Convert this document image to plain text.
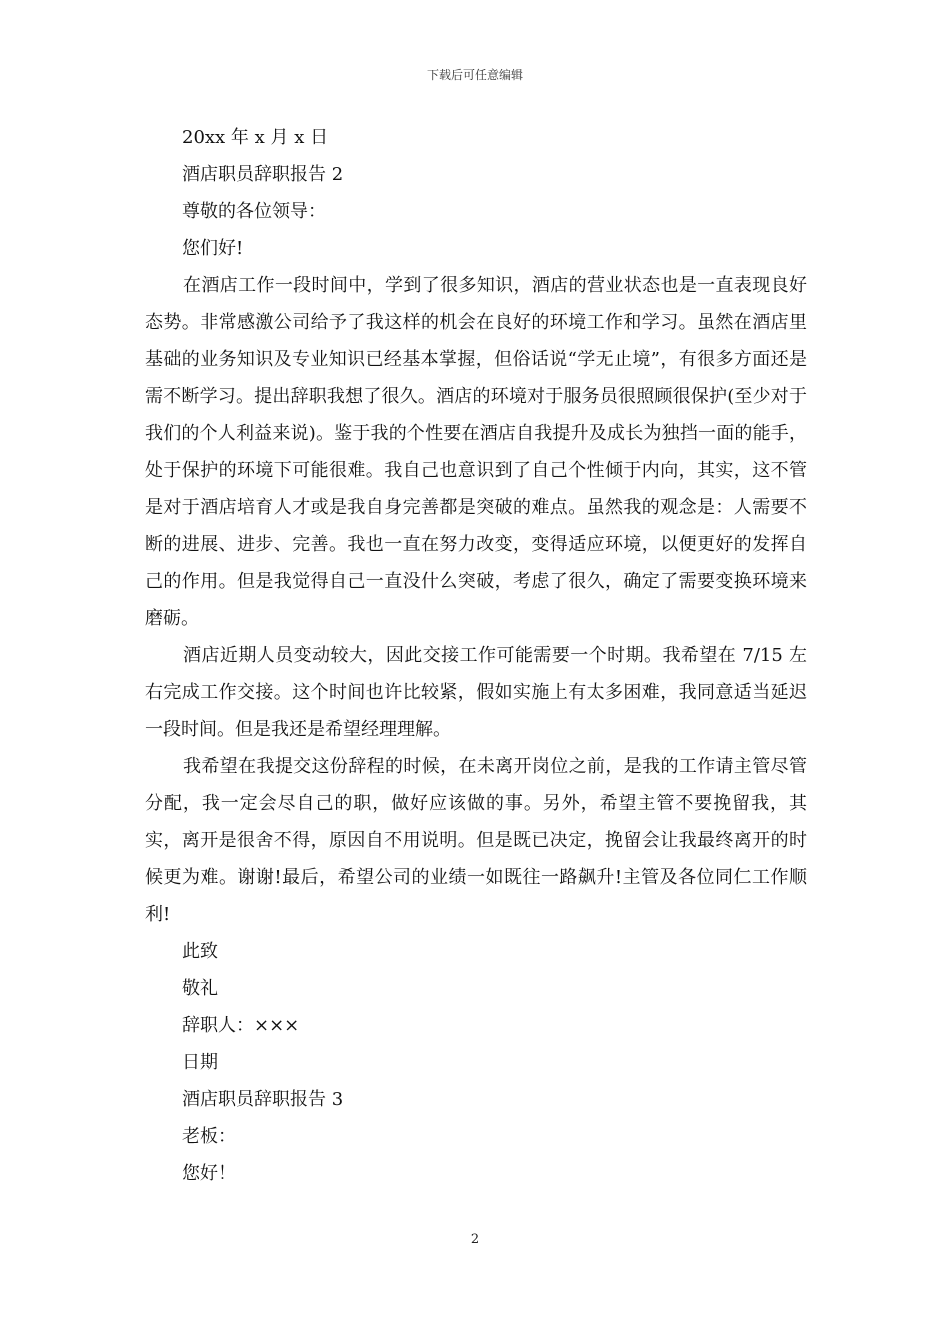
下载后可任意编辑
20xx 年 x 月 x 日
酒店职员辞职报告 2
尊敬的各位领导：
您们好!

在酒店工作一段时间中，学到了很多知识，酒店的营业状态也是一直表现良好态势。非常感激公司给予了我这样的机会在良好的环境工作和学习。虽然在酒店里基础的业务知识及专业知识已经基本掌握，但俗话说“学无止境”，有很多方面还是需不断学习。提出辞职我想了很久。酒店的环境对于服务员很照顾很保护(至少对于我们的个人利益来说)。鉴于我的个性要在酒店自我提升及成长为独挡一面的能手，处于保护的环境下可能很难。我自己也意识到了自己个性倾于内向，其实，这不管是对于酒店培育人才或是我自身完善都是突破的难点。虽然我的观念是：人需要不断的进展、进步、完善。我也一直在努力改变，变得适应环境，以便更好的发挥自己的作用。但是我觉得自己一直没什么突破，考虑了很久，确定了需要变换环境来磨砺。

酒店近期人员变动较大，因此交接工作可能需要一个时期。我希望在 7/15 左右完成工作交接。这个时间也许比较紧，假如实施上有太多困难，我同意适当延迟一段时间。但是我还是希望经理理解。

我希望在我提交这份辞程的时候，在未离开岗位之前，是我的工作请主管尽管分配，我一定会尽自己的职，做好应该做的事。另外，希望主管不要挽留我，其实，离开是很舍不得，原因自不用说明。但是既已决定，挽留会让我最终离开的时候更为难。谢谢!最后，希望公司的业绩一如既往一路飙升!主管及各位同仁工作顺利!

此致
敬礼
辞职人：×××
日期
酒店职员辞职报告 3
老板：
您好！
2
